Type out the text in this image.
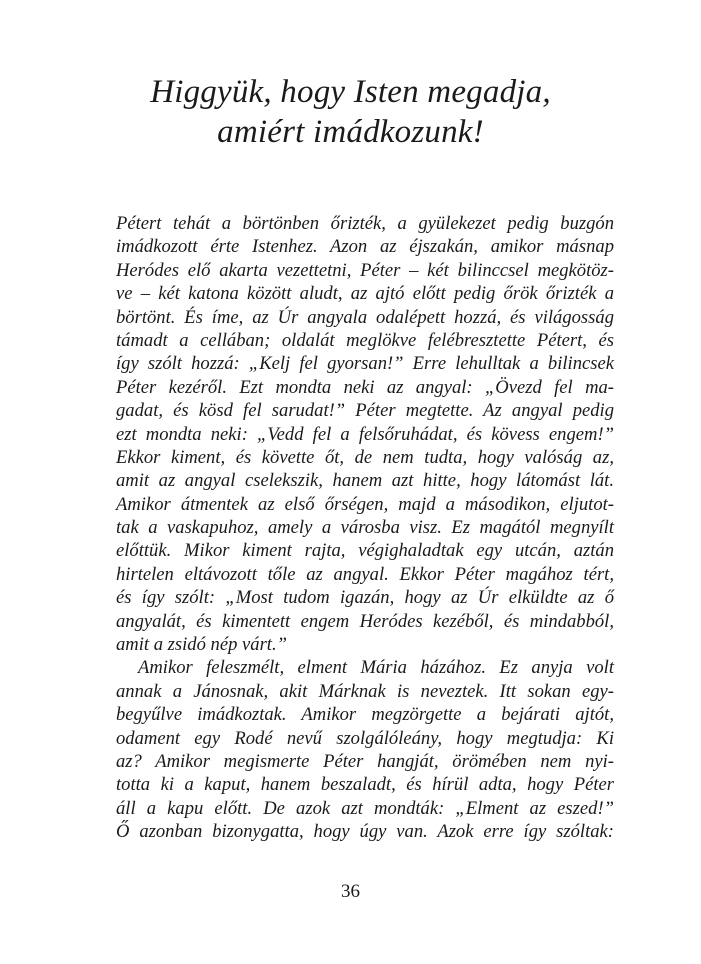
Higgyük, hogy Isten megadja,
amiért imádkozunk!
Pétert tehát a börtönben őrizték, a gyülekezet pedig buzgón
imádkozott érte Istenhez. Azon az éjszakán, amikor másnap
Heródes elő akarta vezettetni, Péter – két bilinccsel megkötöz-
ve – két katona között aludt, az ajtó előtt pedig őrök őrizték a
börtönt. És íme, az Úr angyala odalépett hozzá, és világosság
támadt a cellában; oldalát meglökve felébresztette Pétert, és
így szólt hozzá: „Kelj fel gyorsan!” Erre lehulltak a bilincsek
Péter kezéről. Ezt mondta neki az angyal: „Övezd fel ma-
gadat, és kösd fel sarudat!” Péter megtette. Az angyal pedig
ezt mondta neki: „Vedd fel a felsőruhádat, és kövess engem!”
Ekkor kiment, és követte őt, de nem tudta, hogy valóság az,
amit az angyal cselekszik, hanem azt hitte, hogy látomást lát.
Amikor átmentek az első őrségen, majd a másodikon, eljutot-
tak a vaskapuhoz, amely a városba visz. Ez magától megnyílt
előttük. Mikor kiment rajta, végighaladtak egy utcán, aztán
hirtelen eltávozott tőle az angyal. Ekkor Péter magához tért,
és így szólt: „Most tudom igazán, hogy az Úr elküldte az ő
angyalát, és kimentett engem Heródes kezéből, és mindabból,
amit a zsidó nép várt.”
Amikor feleszmélt, elment Mária házához. Ez anyja volt
annak a Jánosnak, akit Márknak is neveztek. Itt sokan egy-
begyűlve imádkoztak. Amikor megzörgette a bejárati ajtót,
odament egy Rodé nevű szolgálóleány, hogy megtudja: Ki
az? Amikor megismerte Péter hangját, örömében nem nyi-
totta ki a kaput, hanem beszaladt, és hírül adta, hogy Péter
áll a kapu előtt. De azok azt mondták: „Elment az eszed!”
Ő azonban bizonygatta, hogy úgy van. Azok erre így szóltak:
36
